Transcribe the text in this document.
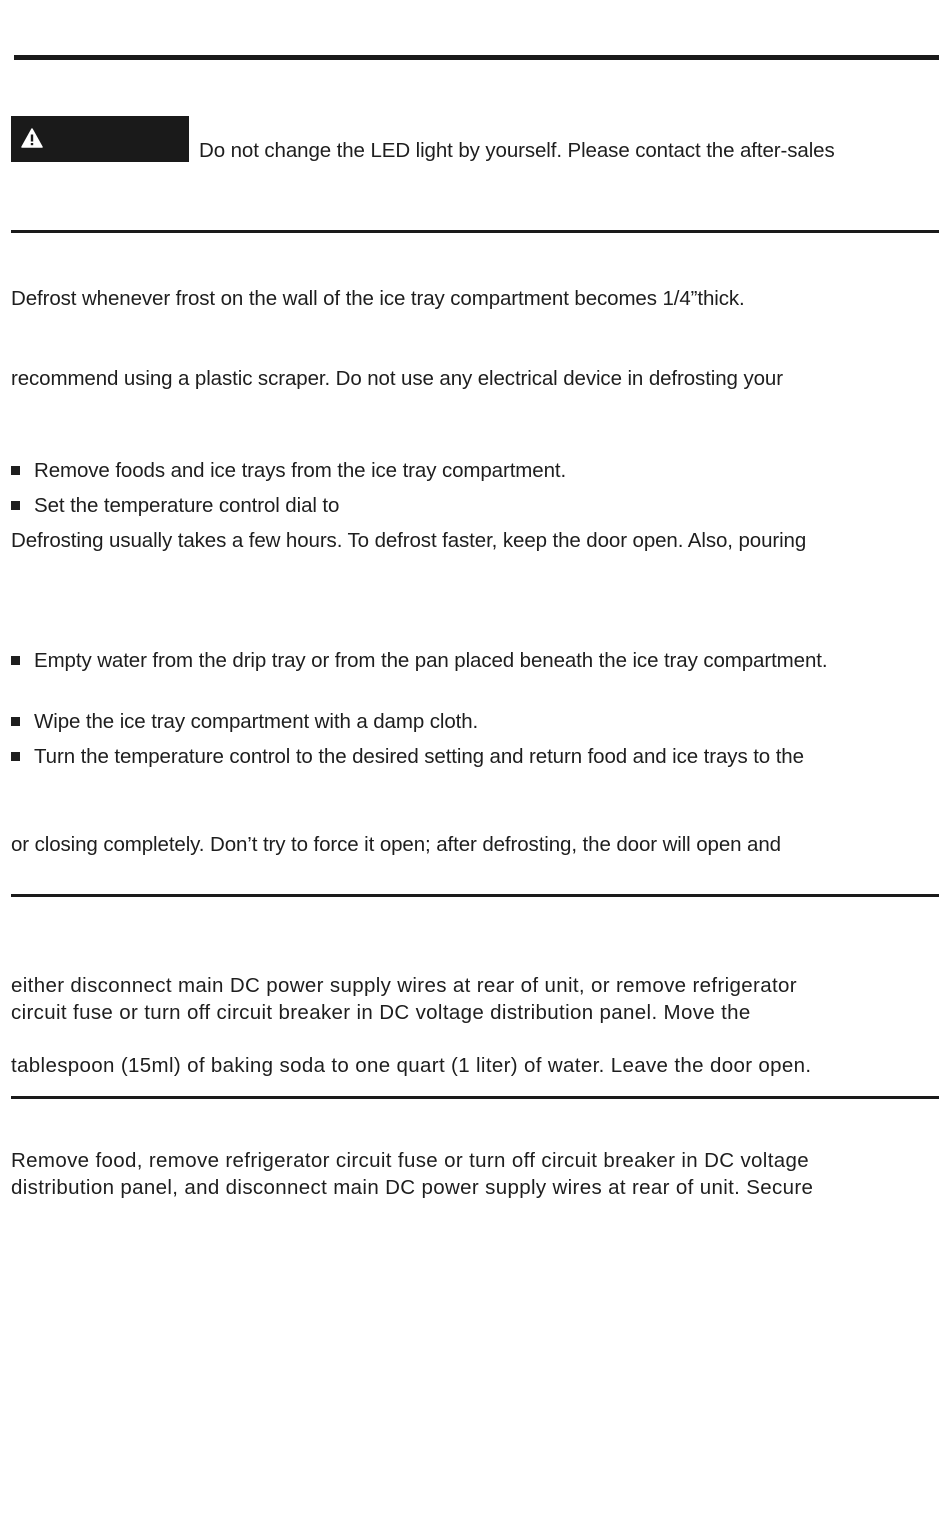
Do not change the LED light by yourself. Please contact the after-sales
Defrost whenever frost on the wall of the ice tray compartment becomes 1/4”thick.
recommend using a plastic scraper. Do not use any electrical device in defrosting your
Remove foods and ice trays from the ice tray compartment.
Set the temperature control dial to
Defrosting usually takes a few hours. To defrost faster, keep the door open. Also, pouring
Empty water from the drip tray or from the pan placed beneath the ice tray compartment.
Wipe the ice tray compartment with a damp cloth.
Turn the temperature control to the desired setting and return food and ice trays to the
or closing completely. Don’t try to force it open; after defrosting, the door will open and
either disconnect main DC power supply wires at rear of unit, or remove refrigerator
circuit fuse or turn off circuit breaker in DC voltage distribution panel. Move the
tablespoon (15ml) of baking soda to one quart (1 liter) of water. Leave the door open.
Remove food, remove refrigerator circuit fuse or turn off circuit breaker in DC voltage
distribution panel, and disconnect main DC power supply wires at rear of unit. Secure
